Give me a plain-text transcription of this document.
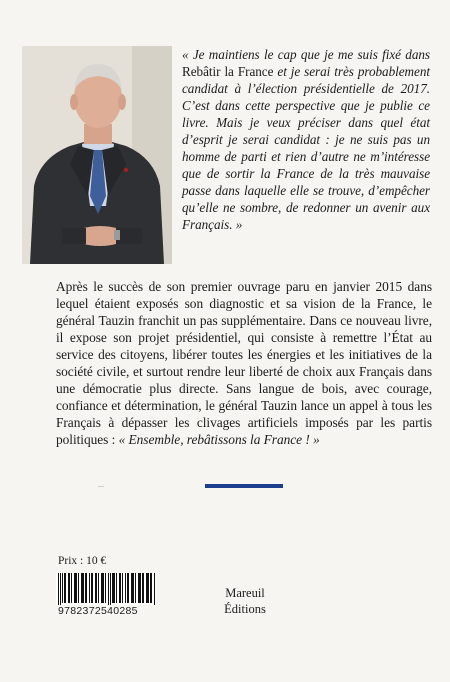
« Je maintiens le cap que je me suis fixé dans Rebâtir la France et je serai très probablement candidat à l’élection présidentielle de 2017. C’est dans cette perspective que je publie ce livre. Mais je veux préciser dans quel état d’esprit je serai candidat : je ne suis pas un homme de parti et rien d’autre ne m’intéresse que de sortir la France de la très mauvaise passe dans laquelle elle se trouve, d’empêcher qu’elle ne sombre, de redonner un avenir aux Français. »
Après le succès de son premier ouvrage paru en janvier 2015 dans lequel étaient exposés son diagnostic et sa vision de la France, le général Tauzin franchit un pas supplémentaire. Dans ce nouveau livre, il expose son projet présidentiel, qui consiste à remettre l’État au service des citoyens, libérer toutes les énergies et les initiatives de la société civile, et surtout rendre leur liberté de choix aux Français dans une démocratie plus directe. Sans langue de bois, avec courage, confiance et détermination, le général Tauzin lance un appel à tous les Français à dépasser les clivages artificiels imposés par les partis politiques : « Ensemble, rebâtissons la France ! »
–
Prix : 10 €
9782372540285
Mareuil
Éditions
